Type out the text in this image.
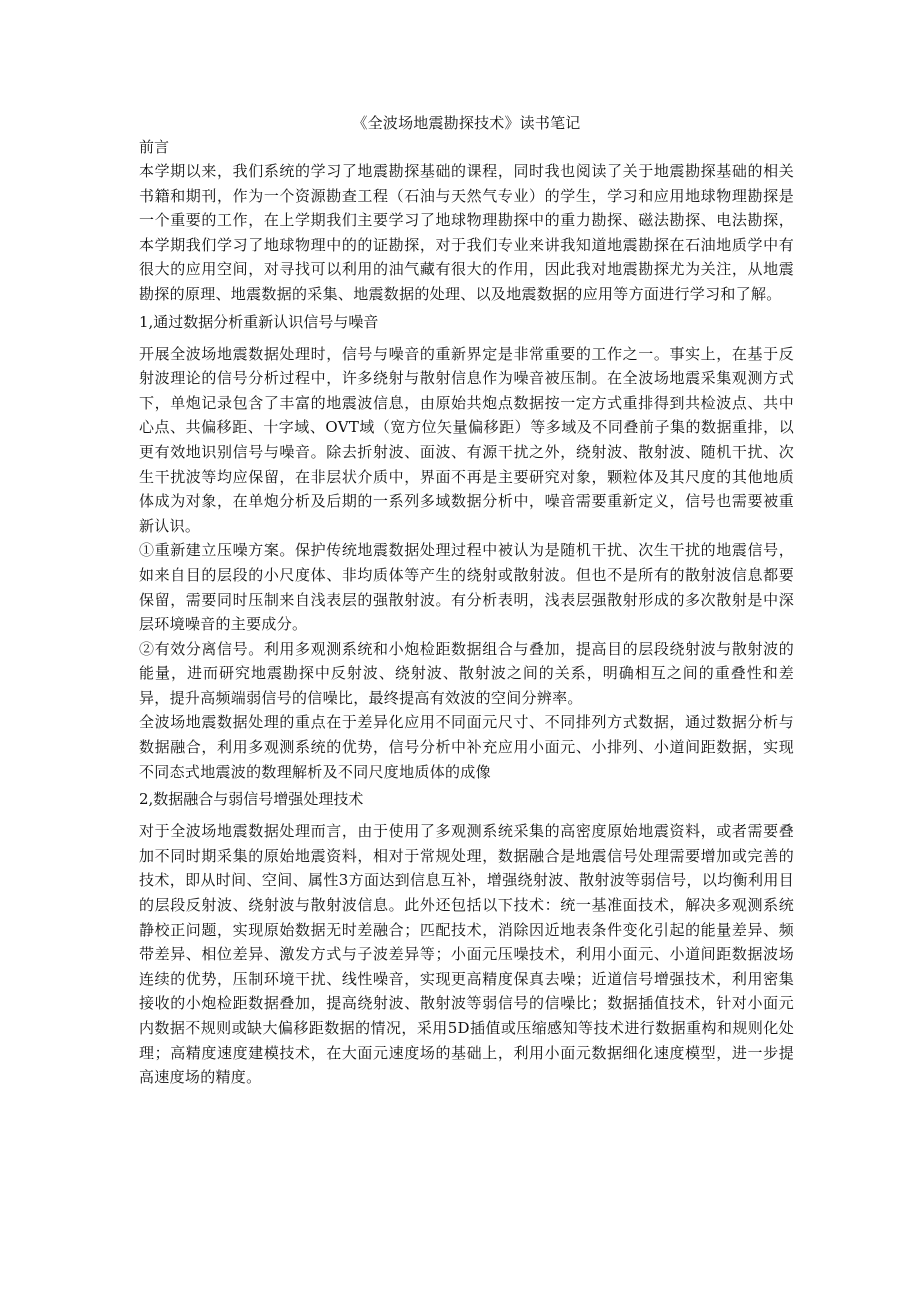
《全波场地震勘探技术》读书笔记
前言

本学期以来，我们系统的学习了地震勘探基础的课程，同时我也阅读了关于地震勘探基础的相关书籍和期刊，作为一个资源勘查工程（石油与天然气专业）的学生，学习和应用地球物理勘探是一个重要的工作，在上学期我们主要学习了地球物理勘探中的重力勘探、磁法勘探、电法勘探，本学期我们学习了地球物理中的的证勘探，对于我们专业来讲我知道地震勘探在石油地质学中有很大的应用空间，对寻找可以利用的油气藏有很大的作用，因此我对地震勘探尤为关注，从地震勘探的原理、地震数据的采集、地震数据的处理、以及地震数据的应用等方面进行学习和了解。

1,通过数据分析重新认识信号与噪音

开展全波场地震数据处理时，信号与噪音的重新界定是非常重要的工作之一。事实上，在基于反射波理论的信号分析过程中，许多绕射与散射信息作为噪音被压制。在全波场地震采集观测方式下，单炮记录包含了丰富的地震波信息，由原始共炮点数据按一定方式重排得到共检波点、共中心点、共偏移距、十字域、OVT域（宽方位矢量偏移距）等多域及不同叠前子集的数据重排，以更有效地识别信号与噪音。除去折射波、面波、有源干扰之外，绕射波、散射波、随机干扰、次生干扰波等均应保留，在非层状介质中，界面不再是主要研究对象，颗粒体及其尺度的其他地质体成为对象，在单炮分析及后期的一系列多域数据分析中，噪音需要重新定义，信号也需要被重新认识。

①重新建立压噪方案。保护传统地震数据处理过程中被认为是随机干扰、次生干扰的地震信号，如来自目的层段的小尺度体、非均质体等产生的绕射或散射波。但也不是所有的散射波信息都要保留，需要同时压制来自浅表层的强散射波。有分析表明，浅表层强散射形成的多次散射是中深层环境噪音的主要成分。

②有效分离信号。利用多观测系统和小炮检距数据组合与叠加，提高目的层段绕射波与散射波的能量，进而研究地震勘探中反射波、绕射波、散射波之间的关系，明确相互之间的重叠性和差异，提升高频端弱信号的信噪比，最终提高有效波的空间分辨率。

全波场地震数据处理的重点在于差异化应用不同面元尺寸、不同排列方式数据，通过数据分析与数据融合，利用多观测系统的优势，信号分析中补充应用小面元、小排列、小道间距数据，实现不同态式地震波的数理解析及不同尺度地质体的成像

2,数据融合与弱信号增强处理技术

对于全波场地震数据处理而言，由于使用了多观测系统采集的高密度原始地震资料，或者需要叠加不同时期采集的原始地震资料，相对于常规处理，数据融合是地震信号处理需要增加或完善的技术，即从时间、空间、属性3方面达到信息互补，增强绕射波、散射波等弱信号，以均衡利用目的层段反射波、绕射波与散射波信息。此外还包括以下技术：统一基准面技术，解决多观测系统静校正问题，实现原始数据无时差融合；匹配技术，消除因近地表条件变化引起的能量差异、频带差异、相位差异、激发方式与子波差异等；小面元压噪技术，利用小面元、小道间距数据波场连续的优势，压制环境干扰、线性噪音，实现更高精度保真去噪；近道信号增强技术，利用密集接收的小炮检距数据叠加，提高绕射波、散射波等弱信号的信噪比；数据插值技术，针对小面元内数据不规则或缺大偏移距数据的情况，采用5D插值或压缩感知等技术进行数据重构和规则化处理；高精度速度建模技术，在大面元速度场的基础上，利用小面元数据细化速度模型，进一步提高速度场的精度。
